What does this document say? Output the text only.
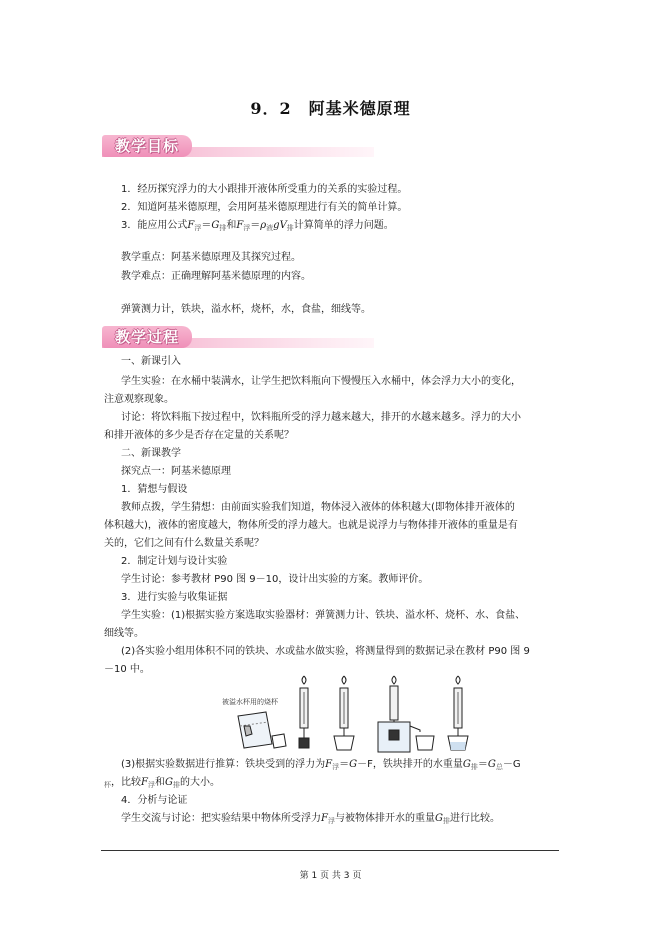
9．2　阿基米德原理
教学目标
1．经历探究浮力的大小跟排开液体所受重力的关系的实验过程。
2．知道阿基米德原理，会用阿基米德原理进行有关的简单计算。
3．能应用公式$F_浮=G_排$和$F_浮=\rho_液gV_排$计算简单的浮力问题。
教学重点：阿基米德原理及其探究过程。
教学难点：正确理解阿基米德原理的内容。
弹簧测力计，铁块，溢水杯，烧杯，水，食盐，细线等。
教学过程
一、新课引入
学生实验：在水桶中装满水，让学生把饮料瓶向下慢慢压入水桶中，体会浮力大小的变化，
注意观察现象。
讨论：将饮料瓶下按过程中，饮料瓶所受的浮力越来越大，排开的水越来越多。浮力的大小
和排开液体的多少是否存在定量的关系呢？
二、新课教学
探究点一：阿基米德原理
1．猜想与假设
教师点拨，学生猜想：由前面实验我们知道，物体浸入液体的体积越大(即物体排开液体的
体积越大)，液体的密度越大，物体所受的浮力越大。也就是说浮力与物体排开液体的重量是有
关的，它们之间有什么数量关系呢？
2．制定计划与设计实验
学生讨论：参考教材 P90 图 9－10，设计出实验的方案。教师评价。
3．进行实验与收集证据
学生实验：(1)根据实验方案选取实验器材：弹簧测力计、铁块、溢水杯、烧杯、水、食盐、
细线等。
(2)各实验小组用体积不同的铁块、水或盐水做实验，将测量得到的数据记录在教材 P90 图 9
－10 中。
被溢水杯用的烧杯
(3)根据实验数据进行推算：铁块受到的浮力为$F_浮=G-F$，铁块排开的水重量$G_排=G_总-G$
$_杯$，比较$F_浮$和$G_排$的大小。
4．分析与论证
学生交流与讨论：把实验结果中物体所受浮力$F_浮$与被物体排开水的重量$G_排$进行比较。
第 1 页 共 3 页
